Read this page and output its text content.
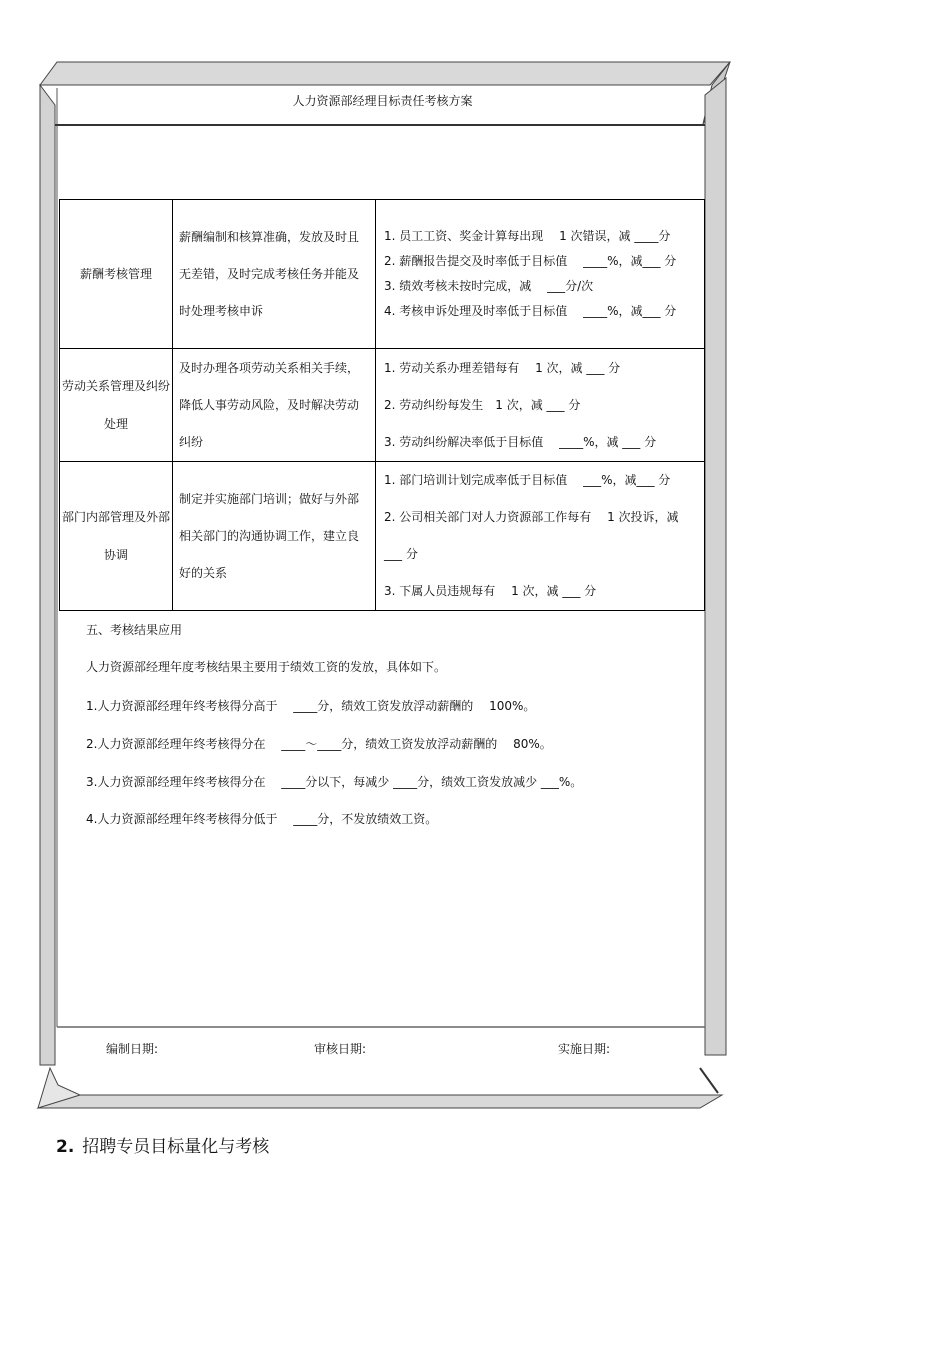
人力资源部经理目标责任考核方案
薪酬考核管理	薪酬编制和核算准确，发放及时且无差错，及时完成考核任务并能及时处理考核申诉	1. 员工工资、奖金计算每出现　 1 次错误，减 ____分
2. 薪酬报告提交及时率低于目标值　 ____%，减___ 分
3. 绩效考核未按时完成，减　 ___分/次
4. 考核申诉处理及时率低于目标值　 ____%，减___ 分

劳动关系管理及纠纷处理	及时办理各项劳动关系相关手续，降低人事劳动风险，及时解决劳动纠纷	1. 劳动关系办理差错每有　 1 次，减 ___ 分
2. 劳动纠纷每发生　1 次，减 ___ 分
3. 劳动纠纷解决率低于目标值　 ____%，减 ___ 分

部门内部管理及外部协调	制定并实施部门培训；做好与外部相关部门的沟通协调工作，建立良好的关系	1. 部门培训计划完成率低于目标值　 ___%，减___ 分
2. 公司相关部门对人力资源部工作每有　 1 次投诉，减___ 分
3. 下属人员违规每有　 1 次，减 ___ 分
五、考核结果应用
人力资源部经理年度考核结果主要用于绩效工资的发放，具体如下。
1.人力资源部经理年终考核得分高于　 ____分，绩效工资发放浮动薪酬的　 100%。
2.人力资源部经理年终考核得分在　 ____～____分，绩效工资发放浮动薪酬的　 80%。
3.人力资源部经理年终考核得分在　 ____分以下，每减少 ____分，绩效工资发放减少 ___%。
4.人力资源部经理年终考核得分低于　 ____分，不发放绩效工资。
编制日期:	审核日期:	实施日期:
2. 招聘专员目标量化与考核
